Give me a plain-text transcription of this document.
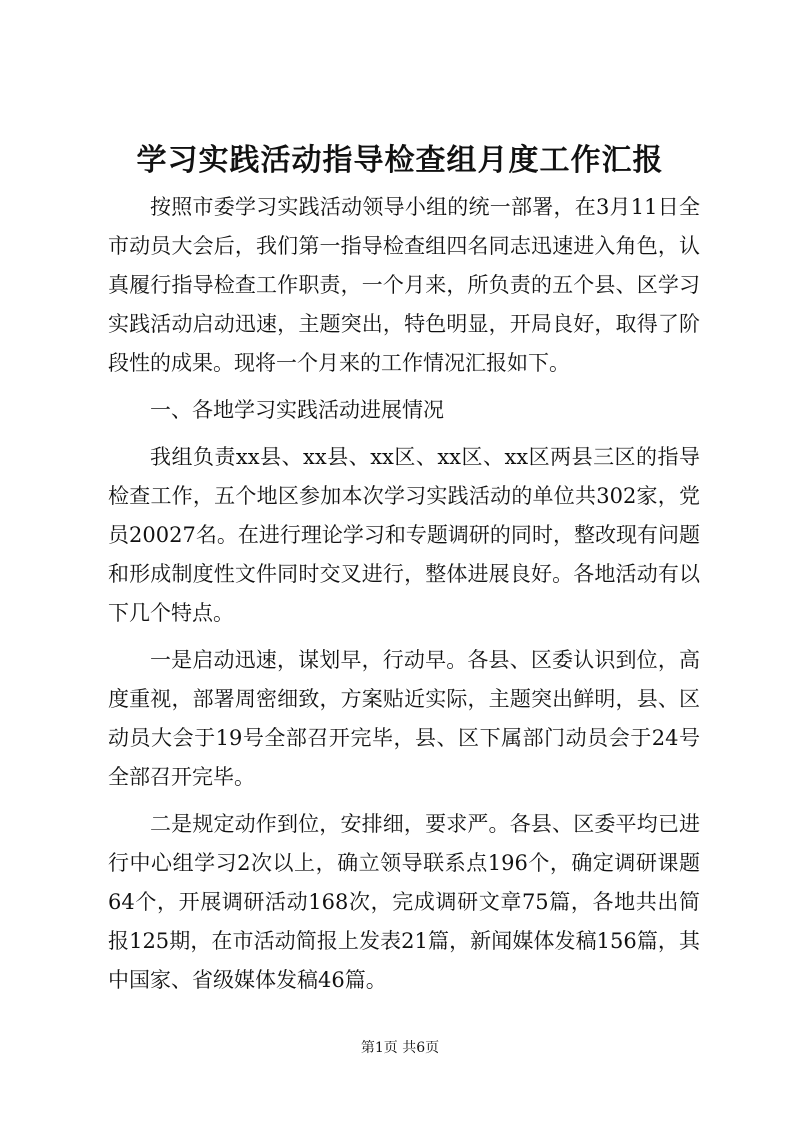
学习实践活动指导检查组月度工作汇报

按照市委学习实践活动领导小组的统一部署，在3月11日全市动员大会后，我们第一指导检查组四名同志迅速进入角色，认真履行指导检查工作职责，一个月来，所负责的五个县、区学习实践活动启动迅速，主题突出，特色明显，开局良好，取得了阶段性的成果。现将一个月来的工作情况汇报如下。

一、各地学习实践活动进展情况

我组负责xx县、xx县、xx区、xx区、xx区两县三区的指导检查工作，五个地区参加本次学习实践活动的单位共302家，党员20027名。在进行理论学习和专题调研的同时，整改现有问题和形成制度性文件同时交叉进行，整体进展良好。各地活动有以下几个特点。

一是启动迅速，谋划早，行动早。各县、区委认识到位，高度重视，部署周密细致，方案贴近实际，主题突出鲜明，县、区动员大会于19号全部召开完毕，县、区下属部门动员会于24号全部召开完毕。

二是规定动作到位，安排细，要求严。各县、区委平均已进行中心组学习2次以上，确立领导联系点196个，确定调研课题64个，开展调研活动168次，完成调研文章75篇，各地共出简报125期，在市活动简报上发表21篇，新闻媒体发稿156篇，其中国家、省级媒体发稿46篇。

第1页 共6页
